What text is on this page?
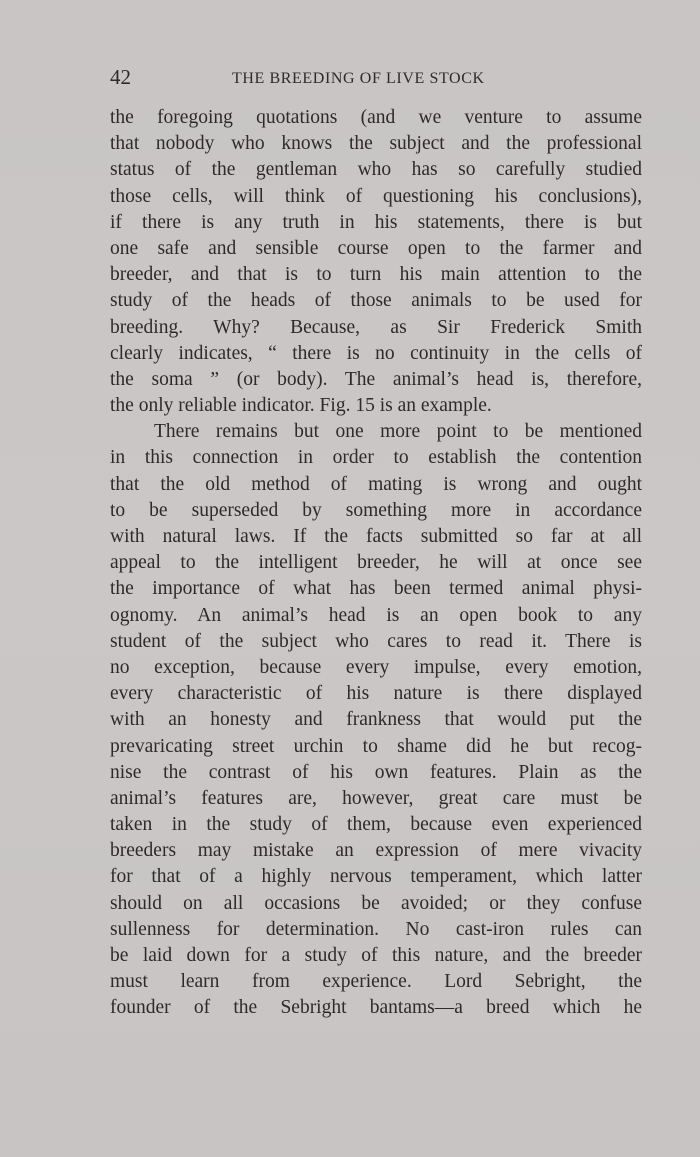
42	THE BREEDING OF LIVE STOCK
the foregoing quotations (and we venture to assume
that nobody who knows the subject and the professional
status of the gentleman who has so carefully studied
those cells, will think of questioning his conclusions),
if there is any truth in his statements, there is but
one safe and sensible course open to the farmer and
breeder, and that is to turn his main attention to the
study of the heads of those animals to be used for
breeding. Why? Because, as Sir Frederick Smith
clearly indicates, “ there is no continuity in the cells of
the soma ” (or body). The animal’s head is, therefore,
the only reliable indicator. Fig. 15 is an example.
There remains but one more point to be mentioned
in this connection in order to establish the contention
that the old method of mating is wrong and ought
to be superseded by something more in accordance
with natural laws. If the facts submitted so far at all
appeal to the intelligent breeder, he will at once see
the importance of what has been termed animal physi-
ognomy. An animal’s head is an open book to any
student of the subject who cares to read it. There is
no exception, because every impulse, every emotion,
every characteristic of his nature is there displayed
with an honesty and frankness that would put the
prevaricating street urchin to shame did he but recog-
nise the contrast of his own features. Plain as the
animal’s features are, however, great care must be
taken in the study of them, because even experienced
breeders may mistake an expression of mere vivacity
for that of a highly nervous temperament, which latter
should on all occasions be avoided; or they confuse
sullenness for determination. No cast-iron rules can
be laid down for a study of this nature, and the breeder
must learn from experience. Lord Sebright, the
founder of the Sebright bantams—a breed which he
